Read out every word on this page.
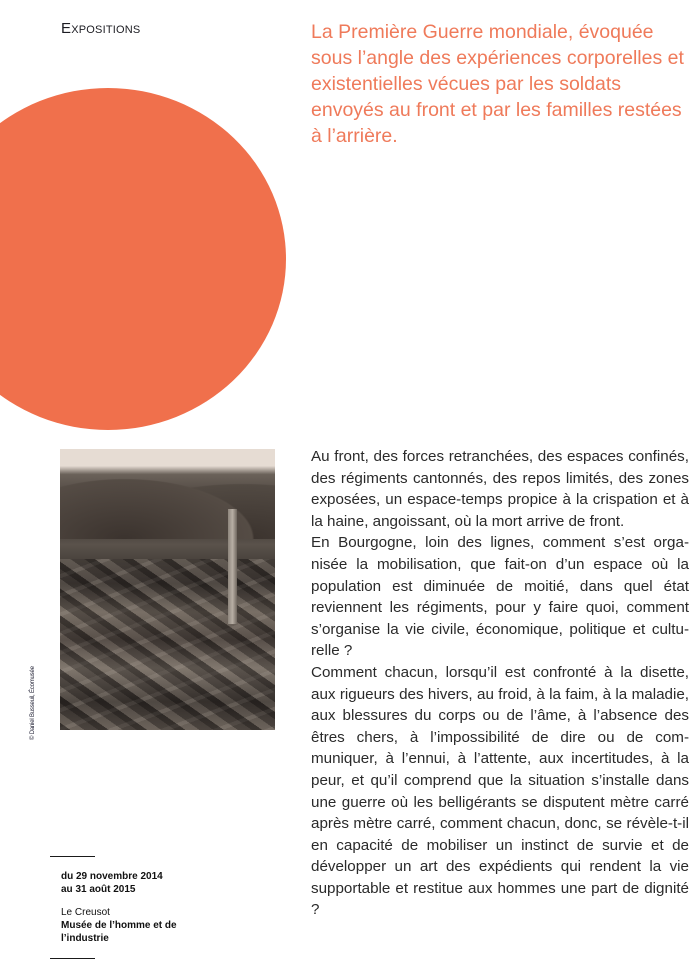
Expositions	La Première Guerre mondiale, évoquée sous l’angle des expériences corporelles et existentielles vécues par les soldats envoyés au front et par les familles restées à l’arrière.
© Daniel Busseuil, Écomusée
du 29 novembre 2014
au 31 août 2015
Le Creusot
Musée de l’homme et de l’industrie

Au front, des forces retranchées, des espaces confinés, des régiments cantonnés, des repos limités, des zones exposées, un espace-temps propice à la crispation et à la haine, angoissant, où la mort arrive de front.

En Bourgogne, loin des lignes, comment s’est organisée la mobilisation, que fait-on d’un espace où la population est diminuée de moitié, dans quel état reviennent les régiments, pour y faire quoi, comment s’organise la vie civile, économique, politique et culturelle ?

Comment chacun, lorsqu’il est confronté à la disette, aux rigueurs des hivers, au froid, à la faim, à la maladie, aux blessures du corps ou de l’âme, à l’absence des êtres chers, à l’impossibilité de dire ou de communiquer, à l’ennui, à l’attente, aux incertitudes, à la peur, et qu’il comprend que la situation s’installe dans une guerre où les belligérants se disputent mètre carré après mètre carré, comment chacun, donc, se révèle-t-il en capacité de mobiliser un instinct de survie et de développer un art des expédients qui rendent la vie supportable et restitue aux hommes une part de dignité ?
